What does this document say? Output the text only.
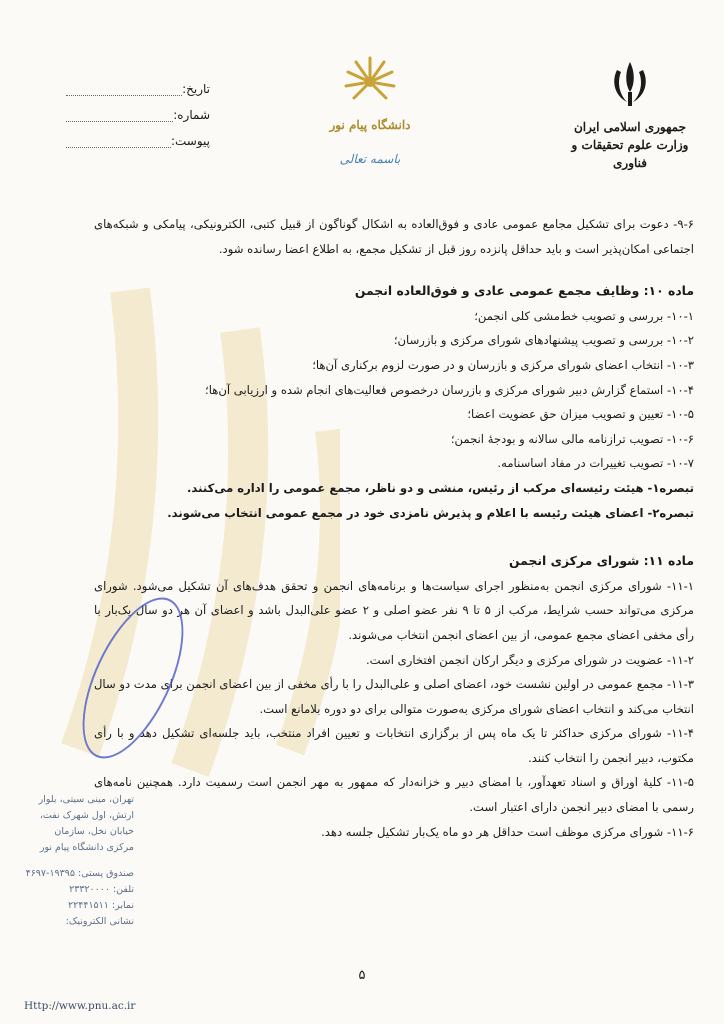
جمهوری اسلامی ایران
وزارت علوم تحقیقات و فناوری
دانشگاه پیام نور
باسمه تعالی
تاریخ:
شماره:
پیوست:

۹-۶- دعوت برای تشکیل مجامع عمومی عادی و فوق‌العاده به اشکال گوناگون از قبیل کتبی، الکترونیکی، پیامکی و شبکه‌های اجتماعی امکان‌پذیر است و باید حداقل پانزده روز قبل از تشکیل مجمع، به اطلاع اعضا رسانده شود.

ماده ۱۰: وظایف مجمع عمومی عادی و فوق‌العاده انجمن

۱۰-۱- بررسی و تصویب خط‌مشی کلی انجمن؛

۱۰-۲- بررسی و تصویب پیشنهادهای شورای مرکزی و بازرسان؛

۱۰-۳- انتخاب اعضای شورای مرکزی و بازرسان و در صورت لزوم برکناری آن‌ها؛

۱۰-۴- استماع گزارش دبیر شورای مرکزی و بازرسان درخصوص فعالیت‌های انجام شده و ارزیابی آن‌ها؛

۱۰-۵- تعیین و تصویب میزان حق عضویت اعضا؛

۱۰-۶- تصویب ترازنامه مالی سالانه و بودجهٔ انجمن؛

۱۰-۷- تصویب تغییرات در مفاد اساسنامه.

تبصره۱- هیئت رئیسه‌ای مرکب از رئیس، منشی و دو ناظر، مجمع عمومی را اداره می‌کنند.

تبصره۲- اعضای هیئت رئیسه با اعلام و پذیرش نامزدی خود در مجمع عمومی انتخاب می‌شوند.

ماده ۱۱: شورای مرکزی انجمن

۱۱-۱- شورای مرکزی انجمن به‌منظور اجرای سیاست‌ها و برنامه‌های انجمن و تحقق هدف‌های آن تشکیل می‌شود. شورای مرکزی می‌تواند حسب شرایط، مرکب از ۵ تا ۹ نفر عضو اصلی و ۲ عضو علی‌البدل باشد و اعضای آن هر دو سال یک‌بار با رأی مخفی اعضای مجمع عمومی، از بین اعضای انجمن انتخاب می‌شوند.

۱۱-۲- عضویت در شورای مرکزی و دیگر ارکان انجمن افتخاری است.

۱۱-۳- مجمع عمومی در اولین نشست خود، اعضای اصلی و علی‌البدل را با رأی مخفی از بین اعضای انجمن برای مدت دو سال انتخاب می‌کند و انتخاب اعضای شورای مرکزی به‌صورت متوالی برای دو دوره بلامانع است.

۱۱-۴- شورای مرکزی حداکثر تا یک ماه پس از برگزاری انتخابات و تعیین افراد منتخب، باید جلسه‌ای تشکیل دهد و با رأی مکتوب، دبیر انجمن را انتخاب کنند.

۱۱-۵- کلیهٔ اوراق و اسناد تعهدآور، با امضای دبیر و خزانه‌دار که ممهور به مهر انجمن است رسمیت دارد. همچنین نامه‌های رسمی با امضای دبیر انجمن دارای اعتبار است.

۱۱-۶- شورای مرکزی موظف است حداقل هر دو ماه یک‌بار تشکیل جلسه دهد.

تهران، مینی سیتی، بلوار ارتش، اول شهرک نفت، خیابان نخل، سازمان مرکزی دانشگاه پیام نور
صندوق پستی: ۱۹۳۹۵-۴۶۹۷
تلفن: ۲۳۳۲۰۰۰۰
نمابر: ۲۲۴۴۱۵۱۱
نشانی الکترونیک:
Http://www.pnu.ac.ir
۵
